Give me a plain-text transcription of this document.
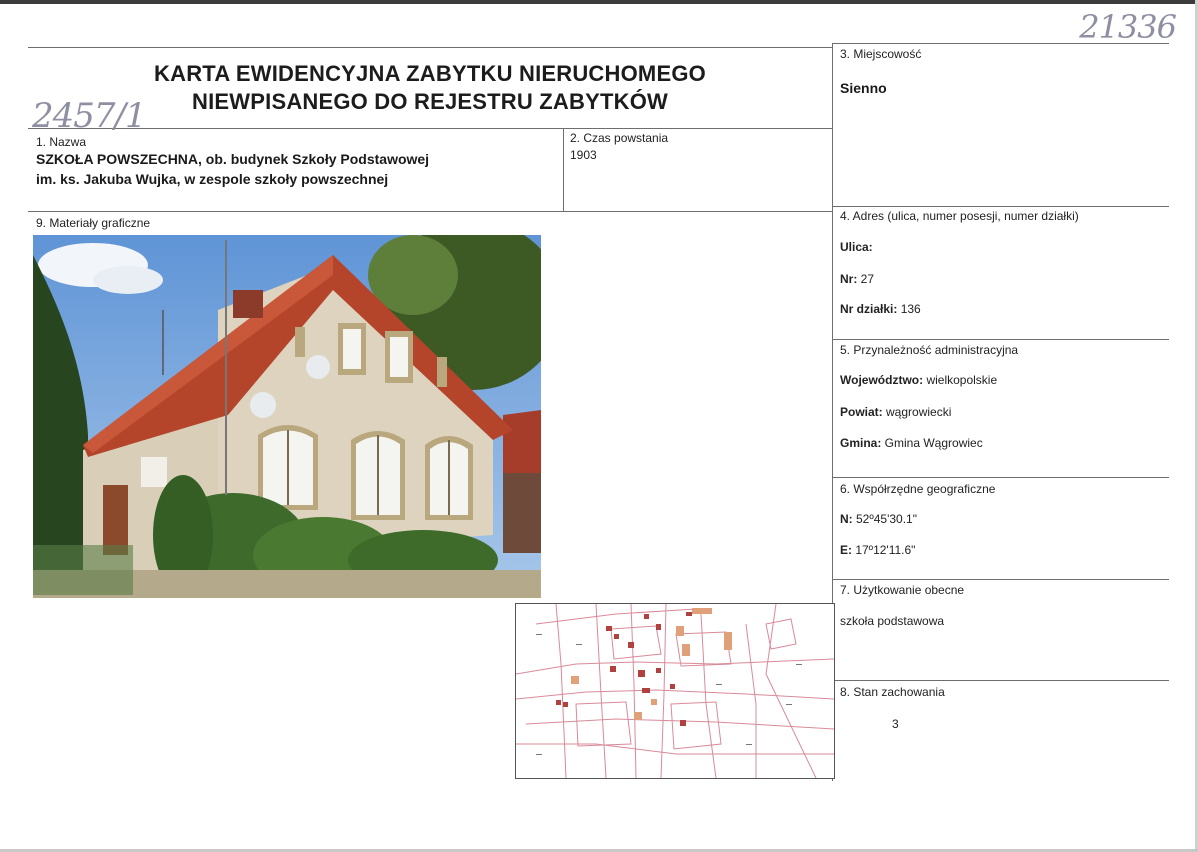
21336
2457/1
KARTA EWIDENCYJNA ZABYTKU NIERUCHOMEGO
NIEWPISANEGO DO REJESTRU ZABYTKÓW
1. Nazwa
SZKOŁA POWSZECHNA, ob. budynek Szkoły Podstawowej
im. ks. Jakuba Wujka, w zespole szkoły powszechnej
2. Czas powstania
1903
3. Miejscowość
Sienno
4. Adres (ulica, numer posesji, numer działki)
Ulica:
Nr: 27
Nr działki: 136
5. Przynależność administracyjna
Województwo: wielkopolskie
Powiat: wągrowiecki
Gmina: Gmina Wągrowiec
6. Współrzędne geograficzne
N: 52º45'30.1"
E: 17º12'11.6"
7. Użytkowanie obecne
szkoła podstawowa
8. Stan zachowania
3
9. Materiały graficzne
